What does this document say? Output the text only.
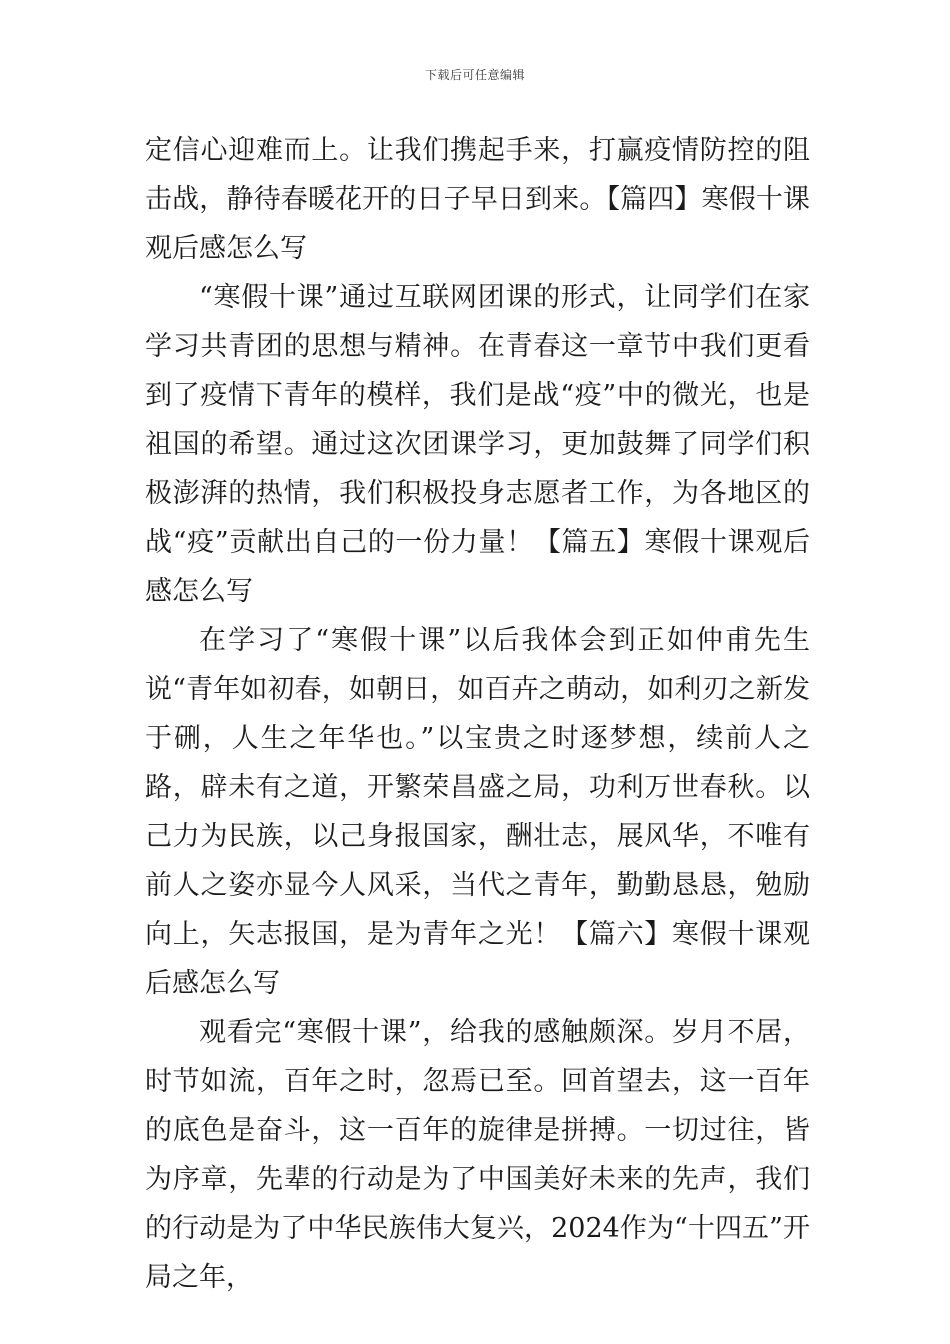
下载后可任意编辑

定信心迎难而上。让我们携起手来，打赢疫情防控的阻击战，静待春暖花开的日子早日到来。【篇四】寒假十课观后感怎么写

“寒假十课”通过互联网团课的形式，让同学们在家学习共青团的思想与精神。在青春这一章节中我们更看到了疫情下青年的模样，我们是战“疫”中的微光，也是祖国的希望。通过这次团课学习，更加鼓舞了同学们积极澎湃的热情，我们积极投身志愿者工作，为各地区的战“疫”贡献出自己的一份力量！【篇五】寒假十课观后感怎么写

在学习了“寒假十课”以后我体会到正如仲甫先生说“青年如初春，如朝日，如百卉之萌动，如利刃之新发于硎，人生之年华也。”以宝贵之时逐梦想，续前人之路，辟未有之道，开繁荣昌盛之局，功利万世春秋。以己力为民族，以己身报国家，酬壮志，展风华，不唯有前人之姿亦显今人风采，当代之青年，勤勤恳恳，勉励向上，矢志报国，是为青年之光！【篇六】寒假十课观后感怎么写

观看完“寒假十课”，给我的感触颇深。岁月不居，时节如流，百年之时，忽焉已至。回首望去，这一百年的底色是奋斗，这一百年的旋律是拼搏。一切过往，皆为序章，先辈的行动是为了中国美好未来的先声，我们的行动是为了中华民族伟大复兴，2024作为“十四五”开局之年，
